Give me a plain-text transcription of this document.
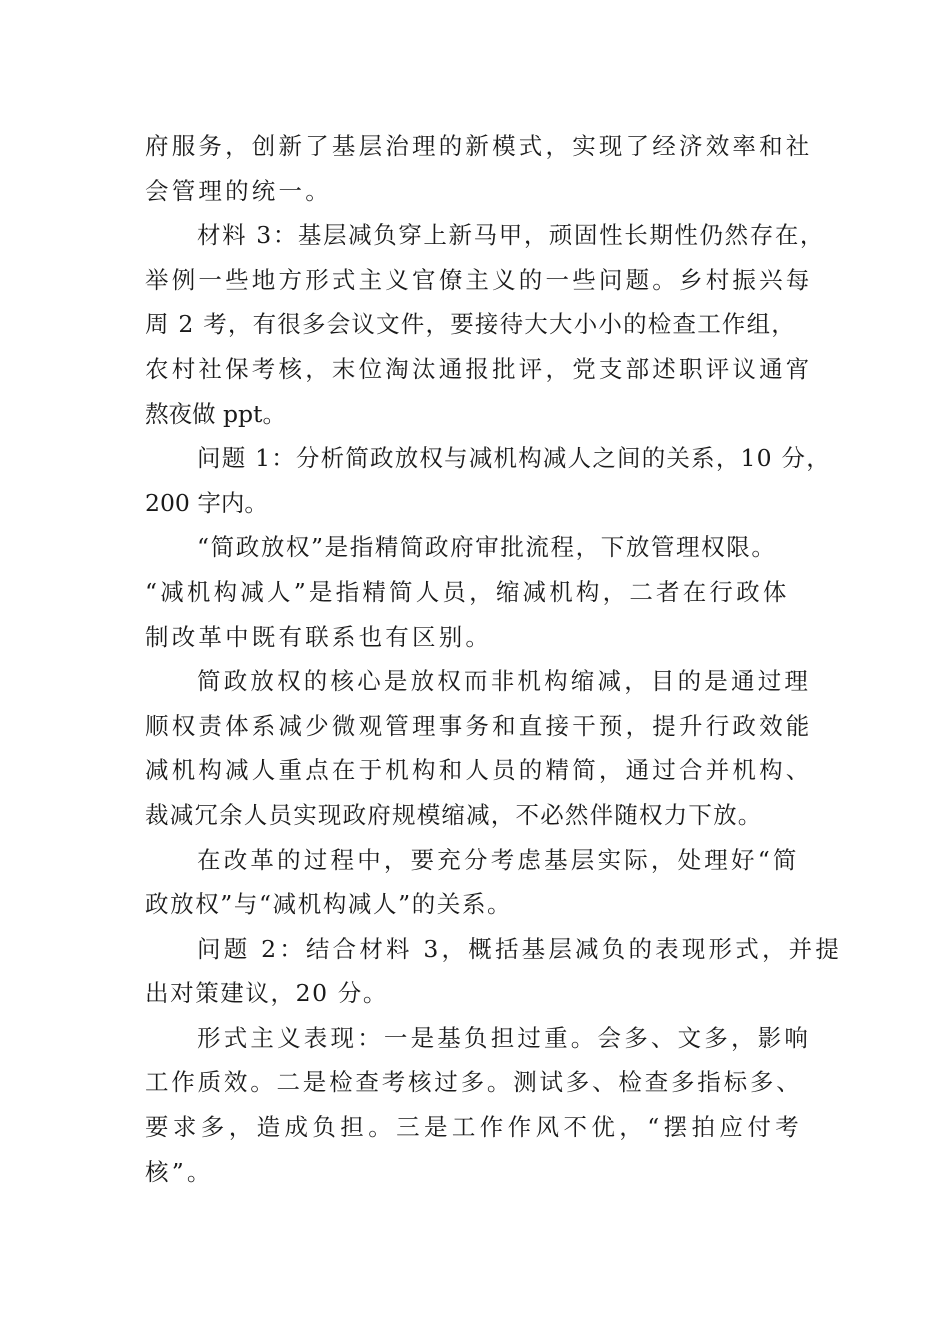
府服务，创新了基层治理的新模式，实现了经济效率和社
会管理的统一。
材料 3：基层减负穿上新马甲，顽固性长期性仍然存在，
举例一些地方形式主义官僚主义的一些问题。乡村振兴每
周 2 考，有很多会议文件，要接待大大小小的检查工作组，
农村社保考核，末位淘汰通报批评，党支部述职评议通宵
熬夜做 ppt。
问题 1：分析简政放权与减机构减人之间的关系，10 分，
200 字内。
“简政放权”是指精简政府审批流程，下放管理权限。
“减机构减人”是指精简人员，缩减机构，二者在行政体
制改革中既有联系也有区别。
简政放权的核心是放权而非机构缩减，目的是通过理
顺权责体系减少微观管理事务和直接干预，提升行政效能
减机构减人重点在于机构和人员的精简，通过合并机构、
裁减冗余人员实现政府规模缩减，不必然伴随权力下放。
在改革的过程中，要充分考虑基层实际，处理好“简
政放权”与“减机构减人”的关系。
问题 2：结合材料 3，概括基层减负的表现形式，并提
出对策建议，20 分。
形式主义表现：一是基负担过重。会多、文多，影响
工作质效。二是检查考核过多。测试多、检查多指标多、
要求多，造成负担。三是工作作风不优，“摆拍应付考
核”。
